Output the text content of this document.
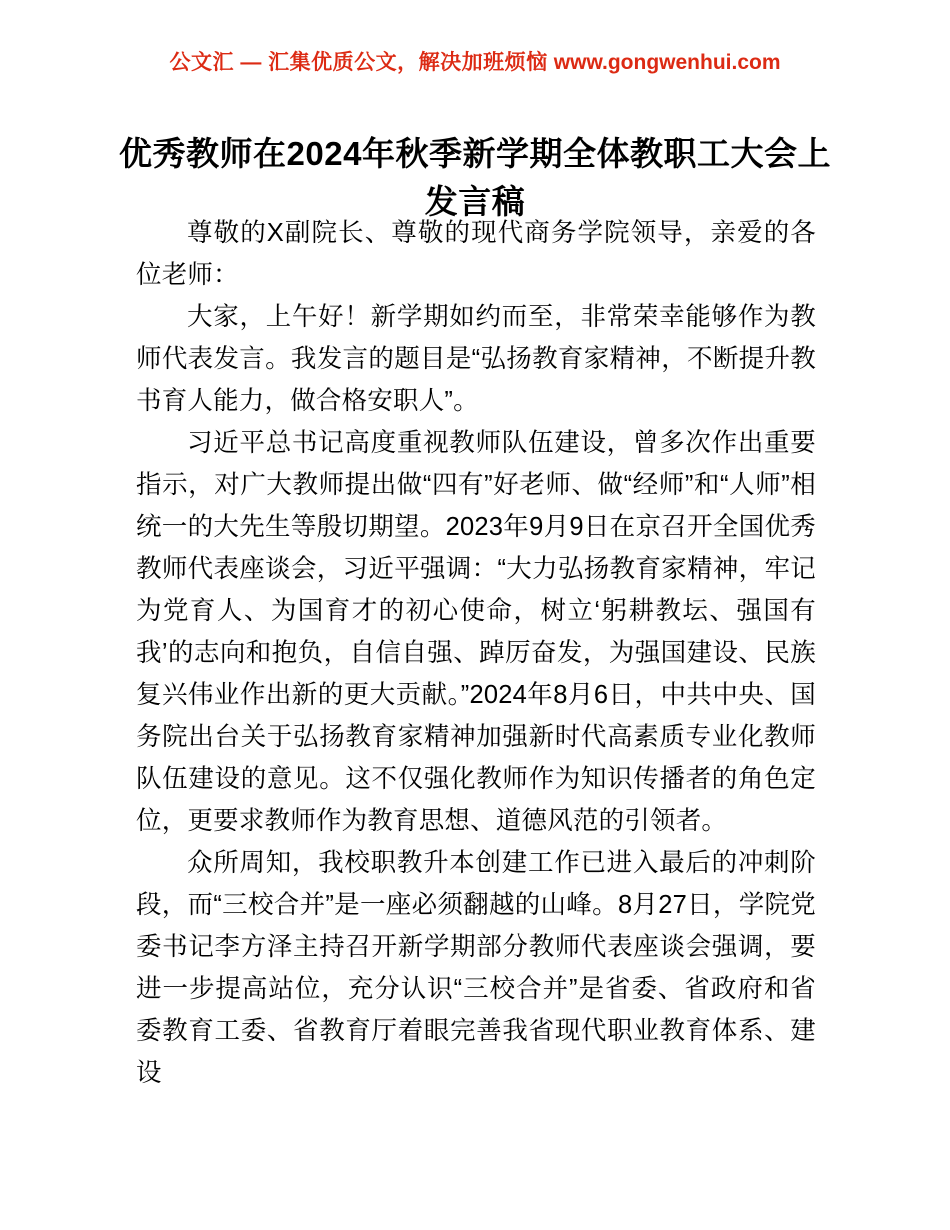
公文汇 — 汇集优质公文，解决加班烦恼 www.gongwenhui.com
优秀教师在2024年秋季新学期全体教职工大会上发言稿

尊敬的X副院长、尊敬的现代商务学院领导，亲爱的各位老师：

大家，上午好！新学期如约而至，非常荣幸能够作为教师代表发言。我发言的题目是“弘扬教育家精神，不断提升教书育人能力，做合格安职人”。

习近平总书记高度重视教师队伍建设，曾多次作出重要指示，对广大教师提出做“四有”好老师、做“经师”和“人师”相统一的大先生等殷切期望。2023年9月9日在京召开全国优秀教师代表座谈会，习近平强调：“大力弘扬教育家精神，牢记为党育人、为国育才的初心使命，树立‘躬耕教坛、强国有我’的志向和抱负，自信自强、踔厉奋发，为强国建设、民族复兴伟业作出新的更大贡献。”2024年8月6日，中共中央、国务院出台关于弘扬教育家精神加强新时代高素质专业化教师队伍建设的意见。这不仅强化教师作为知识传播者的角色定位，更要求教师作为教育思想、道德风范的引领者。

众所周知，我校职教升本创建工作已进入最后的冲刺阶段，而“三校合并”是一座必须翻越的山峰。8月27日，学院党委书记李方泽主持召开新学期部分教师代表座谈会强调，要进一步提高站位，充分认识“三校合并”是省委、省政府和省委教育工委、省教育厅着眼完善我省现代职业教育体系、建设
